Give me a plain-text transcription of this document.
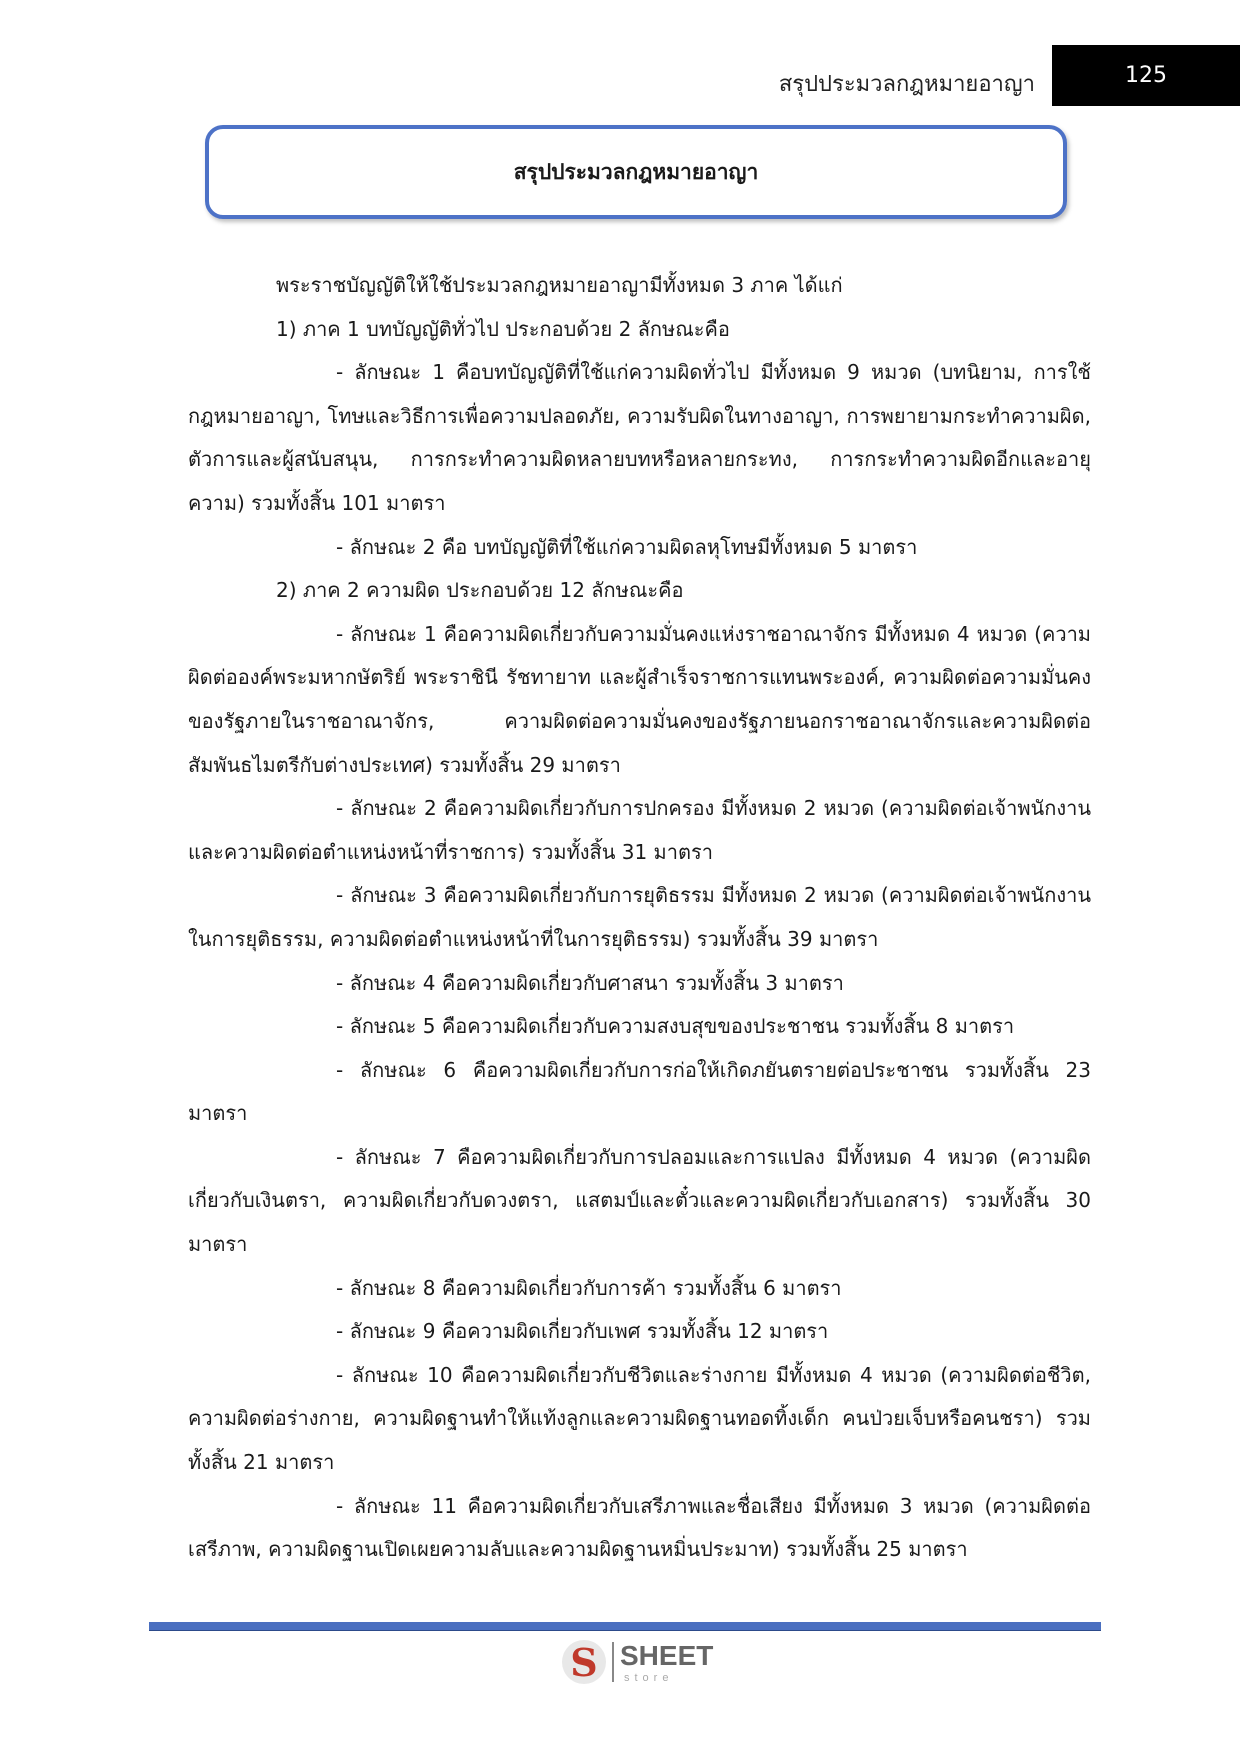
สรุปประมวลกฎหมายอาญา	125
สรุปประมวลกฎหมายอาญา

พระราชบัญญัติให้ใช้ประมวลกฎหมายอาญามีทั้งหมด 3 ภาค ได้แก่

1) ภาค 1 บทบัญญัติทั่วไป ประกอบด้วย 2 ลักษณะคือ

- ลักษณะ 1 คือบทบัญญัติที่ใช้แก่ความผิดทั่วไป มีทั้งหมด 9 หมวด (บทนิยาม, การใช้กฎหมายอาญา, โทษและวิธีการเพื่อความปลอดภัย, ความรับผิดในทางอาญา, การพยายามกระทำความผิด, ตัวการและผู้สนับสนุน, การกระทำความผิดหลายบทหรือหลายกระทง, การกระทำความผิดอีกและอายุความ) รวมทั้งสิ้น 101 มาตรา

- ลักษณะ 2 คือ บทบัญญัติที่ใช้แก่ความผิดลหุโทษมีทั้งหมด 5 มาตรา

2) ภาค 2 ความผิด ประกอบด้วย 12 ลักษณะคือ

- ลักษณะ 1 คือความผิดเกี่ยวกับความมั่นคงแห่งราชอาณาจักร มีทั้งหมด 4 หมวด (ความผิดต่อองค์พระมหากษัตริย์ พระราชินี รัชทายาท และผู้สำเร็จราชการแทนพระองค์, ความผิดต่อความมั่นคงของรัฐภายในราชอาณาจักร, ความผิดต่อความมั่นคงของรัฐภายนอกราชอาณาจักรและความผิดต่อสัมพันธไมตรีกับต่างประเทศ) รวมทั้งสิ้น 29 มาตรา

- ลักษณะ 2 คือความผิดเกี่ยวกับการปกครอง มีทั้งหมด 2 หมวด (ความผิดต่อเจ้าพนักงานและความผิดต่อตำแหน่งหน้าที่ราชการ) รวมทั้งสิ้น 31 มาตรา

- ลักษณะ 3 คือความผิดเกี่ยวกับการยุติธรรม มีทั้งหมด 2 หมวด (ความผิดต่อเจ้าพนักงานในการยุติธรรม, ความผิดต่อตำแหน่งหน้าที่ในการยุติธรรม) รวมทั้งสิ้น 39 มาตรา

- ลักษณะ 4 คือความผิดเกี่ยวกับศาสนา รวมทั้งสิ้น 3 มาตรา

- ลักษณะ 5 คือความผิดเกี่ยวกับความสงบสุขของประชาชน รวมทั้งสิ้น 8 มาตรา

- ลักษณะ 6 คือความผิดเกี่ยวกับการก่อให้เกิดภยันตรายต่อประชาชน รวมทั้งสิ้น 23 มาตรา

- ลักษณะ 7 คือความผิดเกี่ยวกับการปลอมและการแปลง มีทั้งหมด 4 หมวด (ความผิดเกี่ยวกับเงินตรา, ความผิดเกี่ยวกับดวงตรา, แสตมป์และตั๋วและความผิดเกี่ยวกับเอกสาร) รวมทั้งสิ้น 30 มาตรา

- ลักษณะ 8 คือความผิดเกี่ยวกับการค้า รวมทั้งสิ้น 6 มาตรา

- ลักษณะ 9 คือความผิดเกี่ยวกับเพศ รวมทั้งสิ้น 12 มาตรา

- ลักษณะ 10 คือความผิดเกี่ยวกับชีวิตและร่างกาย มีทั้งหมด 4 หมวด (ความผิดต่อชีวิต, ความผิดต่อร่างกาย, ความผิดฐานทำให้แท้งลูกและความผิดฐานทอดทิ้งเด็ก คนป่วยเจ็บหรือคนชรา) รวมทั้งสิ้น 21 มาตรา

- ลักษณะ 11 คือความผิดเกี่ยวกับเสรีภาพและชื่อเสียง มีทั้งหมด 3 หมวด (ความผิดต่อเสรีภาพ, ความผิดฐานเปิดเผยความลับและความผิดฐานหมิ่นประมาท) รวมทั้งสิ้น 25 มาตรา

S SHEET
store
